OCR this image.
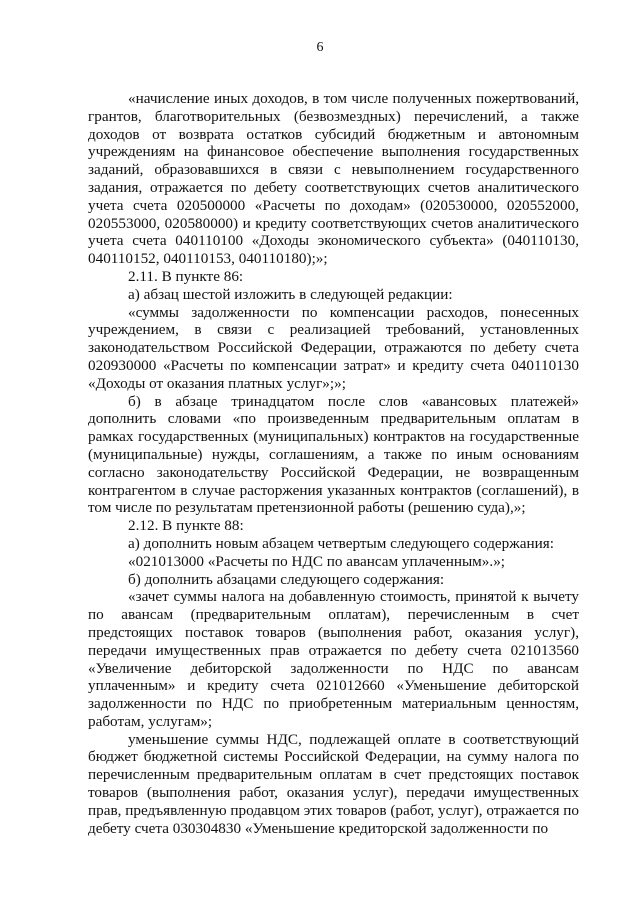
6

«начисление иных доходов, в том числе полученных пожертвований, грантов, благотворительных (безвозмездных) перечислений, а также доходов от возврата остатков субсидий бюджетным и автономным учреждениям на финансовое обеспечение выполнения государственных заданий, образовавшихся в связи с невыполнением государственного задания, отражается по дебету соответствующих счетов аналитического учета счета 020500000 «Расчеты по доходам» (020530000, 020552000, 020553000, 020580000) и кредиту соответствующих счетов аналитического учета счета 040110100 «Доходы экономического субъекта» (040110130, 040110152, 040110153, 040110180);»;

2.11. В пункте 86:

а) абзац шестой изложить в следующей редакции:

«суммы задолженности по компенсации расходов, понесенных учреждением, в связи с реализацией требований, установленных законодательством Российской Федерации, отражаются по дебету счета 020930000 «Расчеты по компенсации затрат» и кредиту счета 040110130 «Доходы от оказания платных услуг»;»;

б) в абзаце тринадцатом после слов «авансовых платежей» дополнить словами «по произведенным предварительным оплатам в рамках государственных (муниципальных) контрактов на государственные (муниципальные) нужды, соглашениям, а также по иным основаниям согласно законодательству Российской Федерации, не возвращенным контрагентом в случае расторжения указанных контрактов (соглашений), в том числе по результатам претензионной работы (решению суда),»;

2.12. В пункте 88:

а) дополнить новым абзацем четвертым следующего содержания:

«021013000 «Расчеты по НДС по авансам уплаченным».»;

б) дополнить абзацами следующего содержания:

«зачет суммы налога на добавленную стоимость, принятой к вычету по авансам (предварительным оплатам), перечисленным в счет предстоящих поставок товаров (выполнения работ, оказания услуг), передачи имущественных прав отражается по дебету счета 021013560 «Увеличение дебиторской задолженности по НДС по авансам уплаченным» и кредиту счета 021012660 «Уменьшение дебиторской задолженности по НДС по приобретенным материальным ценностям, работам, услугам»;

уменьшение суммы НДС, подлежащей оплате в соответствующий бюджет бюджетной системы Российской Федерации, на сумму налога по перечисленным предварительным оплатам в счет предстоящих поставок товаров (выполнения работ, оказания услуг), передачи имущественных прав, предъявленную продавцом этих товаров (работ, услуг), отражается по дебету счета 030304830 «Уменьшение кредиторской задолженности по
